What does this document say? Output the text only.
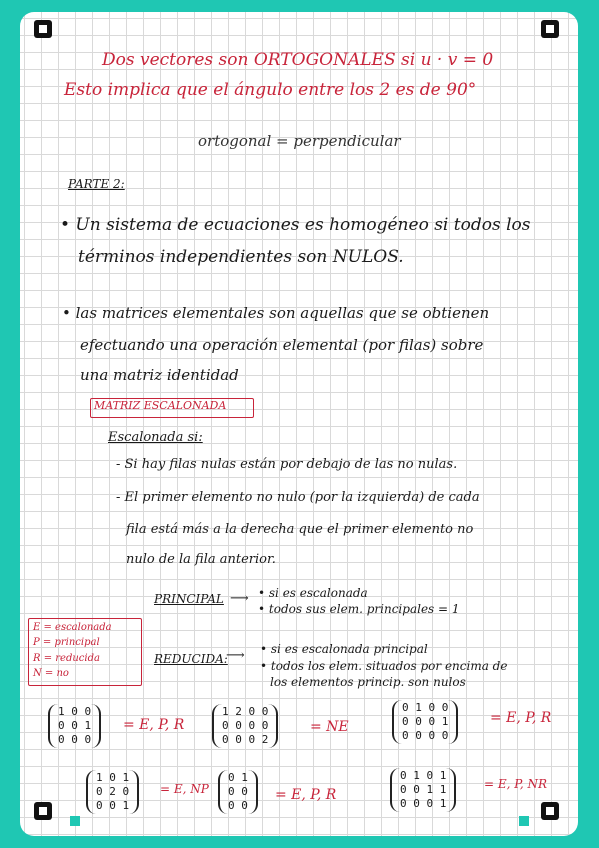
Dos vectores son ORTOGONALES si u · v = 0
Esto implica que el ángulo entre los 2 es de 90°
ortogonal = perpendicular
PARTE 2:
• Un sistema de ecuaciones es homogéneo si todos los
términos independientes son NULOS.
• las matrices elementales son aquellas que se obtienen
efectuando una operación elemental (por filas) sobre
una matriz identidad
MATRIZ ESCALONADA
Escalonada si:
- Si hay filas nulas están por debajo de las no nulas.
- El primer elemento no nulo (por la izquierda) de cada
fila está más a la derecha que el primer elemento no
nulo de la fila anterior.
PRINCIPAL ⟶ • si es escalonada
• todos sus elem. principales = 1
E = escalonada
P = principal
R = reducida
N = no
REDUCIDA:
⟶ • si es escalonada principal
• todos los elem. situados por encima de
los elementos princip. son nulos
1 0 0
0 0 1
0 0 0
= E, P, R
1 2 0 0
0 0 0 0
0 0 0 2
= NE
0 1 0 0
0 0 0 1
0 0 0 0
= E, P, R
1 0 1
0 2 0
0 0 1
= E, NP
0 1
0 0
0 0
= E, P, R
0 1 0 1
0 0 1 1
0 0 0 1
= E, P, NR
